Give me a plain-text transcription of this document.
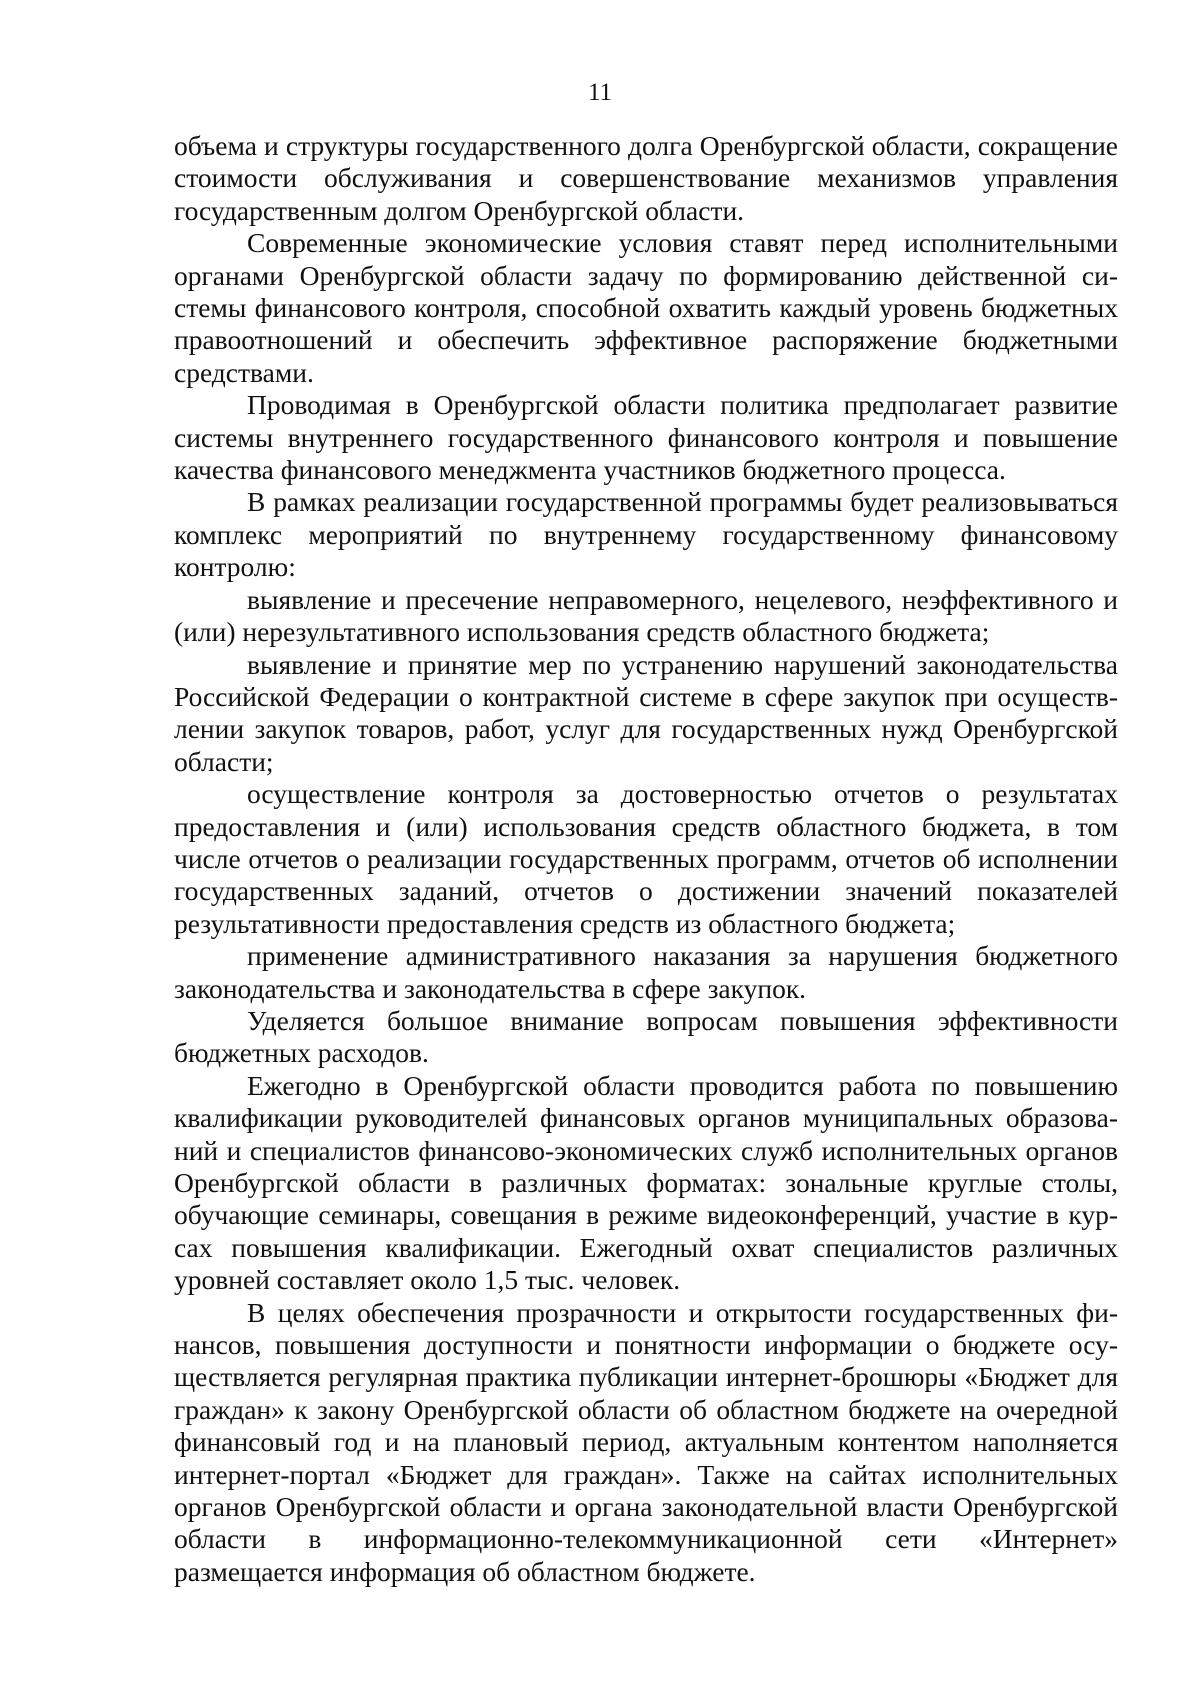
11

объема и структуры государственного долга Оренбургской области, сокращение стоимости обслуживания и совершенствование механизмов управления государственным долгом Оренбургской области.

Современные экономические условия ставят перед исполнительными органами Оренбургской области задачу по формированию действенной системы финансового контроля, способной охватить каждый уровень бюджетных правоотношений и обеспечить эффективное распоряжение бюджетными средствами.

Проводимая в Оренбургской области политика предполагает развитие системы внутреннего государственного финансового контроля и повышение качества финансового менеджмента участников бюджетного процесса.

В рамках реализации государственной программы будет реализовываться комплекс мероприятий по внутреннему государственному финансовому контролю:

выявление и пресечение неправомерного, нецелевого, неэффективного и (или) нерезультативного использования средств областного бюджета;

выявление и принятие мер по устранению нарушений законодательства Российской Федерации о контрактной системе в сфере закупок при осуществлении закупок товаров, работ, услуг для государственных нужд Оренбургской области;

осуществление контроля за достоверностью отчетов о результатах предоставления и (или) использования средств областного бюджета, в том числе отчетов о реализации государственных программ, отчетов об исполнении государственных заданий, отчетов о достижении значений показателей результативности предоставления средств из областного бюджета;

применение административного наказания за нарушения бюджетного законодательства и законодательства в сфере закупок.

Уделяется большое внимание вопросам повышения эффективности бюджетных расходов.

Ежегодно в Оренбургской области проводится работа по повышению квалификации руководителей финансовых органов муниципальных образований и специалистов финансово-экономических служб исполнительных органов Оренбургской области в различных форматах: зональные круглые столы, обучающие семинары, совещания в режиме видеоконференций, участие в курсах повышения квалификации. Ежегодный охват специалистов различных уровней составляет около 1,5 тыс. человек.

В целях обеспечения прозрачности и открытости государственных финансов, повышения доступности и понятности информации о бюджете осуществляется регулярная практика публикации интернет-брошюры «Бюджет для граждан» к закону Оренбургской области об областном бюджете на очередной финансовый год и на плановый период, актуальным контентом наполняется интернет-портал «Бюджет для граждан». Также на сайтах исполнительных органов Оренбургской области и органа законодательной власти Оренбургской области в информационно-телекоммуникационной сети «Интернет» размещается информация об областном бюджете.
